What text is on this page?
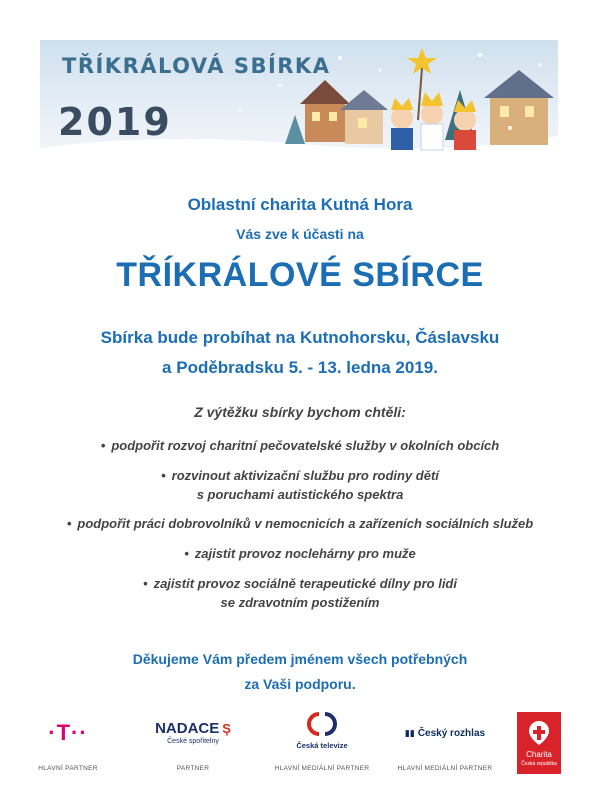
TŘÍKRÁLOVÁ SBÍRKA
2019
Oblastní charita Kutná Hora
Vás zve k účasti na
TŘÍKRÁLOVÉ SBÍRCE
Sbírka bude probíhat na Kutnohorsku, Čáslavsku
a Poděbradsku 5. - 13. ledna 2019.
Z výtěžku sbírky bychom chtěli:
• podpořit rozvoj charitní pečovatelské služby v okolních obcích
• rozvinout aktivizační službu pro rodiny dětí
s poruchami autistického spektra
• podpořit práci dobrovolníků v nemocnicích a zařízeních sociálních služeb
• zajistit provoz noclehárny pro muže
• zajistit provoz sociálně terapeutické dílny pro lidi
se zdravotním postižením
Děkujeme Vám předem jménem všech potřebných
za Vaši podporu.
·T··
HLAVNÍ PARTNER
NADACE Ş
České spořitelny
PARTNER
Česká televize
HLAVNÍ MEDIÁLNÍ PARTNER
▮▮ Český rozhlas
HLAVNÍ MEDIÁLNÍ PARTNER
Charita
Česká republika
